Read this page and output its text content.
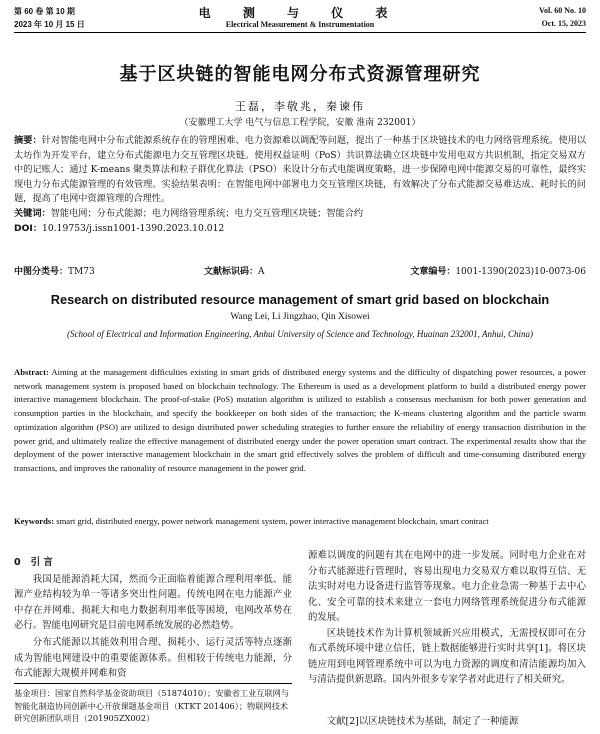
第 60 卷 第 10 期
2023 年 10 月 15 日
电 测 与 仪 表
Electrical Measurement & Instrumentation
Vol. 60 No. 10
Oct. 15, 2023
基于区块链的智能电网分布式资源管理研究
王磊，李敬兆，秦谏伟
（安徽理工大学 电气与信息工程学院，安徽 淮南 232001）
摘要：针对智能电网中分布式能源系统存在的管理困难、电力资源难以调配等问题，提出了一种基于区块链技术的电力网络管理系统。使用以太坊作为开发平台，建立分布式能源电力交互管理区块链。使用权益证明（PoS）共识算法确立区块链中发用电双方共识机制，指定交易双方中的记账人；通过 K-means 聚类算法和粒子群优化算法（PSO）来设计分布式电能调度策略，进一步保障电网中能源交易的可靠性，最终实现电力分布式能源管理的有效管理。实验结果表明：在智能电网中部署电力交互管理区块链，有效解决了分布式能源交易难达成、耗时长的问题，提高了电网中资源管理的合理性。
关键词：智能电网；分布式能源；电力网络管理系统；电力交互管理区块链；智能合约
DOI：10.19753/j.issn1001-1390.2023.10.012
中图分类号：TM73	文献标识码：A	文章编号：1001-1390(2023)10-0073-06
Research on distributed resource management of smart grid based on blockchain
Wang Lei, Li Jingzhao, Qin Xisowei
(School of Electrical and Information Engineering, Anhui University of Science and Technology, Huainan 232001, Anhui, China)
Abstract: Aiming at the management difficulties existing in smart grids of distributed energy systems and the difficulty of dispatching power resources, a power network management system is proposed based on blockchain technology. The Ethereum is used as a development platform to build a distributed energy power interactive management blockchain. The proof-of-stake (PoS) mutation algorithm is utilized to establish a consensus mechanism for both power generation and consumption parties in the blockchain, and specify the bookkeeper on both sides of the transaction; the K-means clustering algorithm and the particle swarm optimization algorithm (PSO) are utilized to design distributed power scheduling strategies to further ensure the reliability of energy transaction distribution in the power grid, and ultimately realize the effective management of distributed energy under the power operation smart contract. The experimental results show that the deployment of the power interactive management blockchain in the smart grid effectively solves the problem of difficult and time-consuming distributed energy transactions, and improves the rationality of resource management in the power grid.
Keywords: smart grid, distributed energy, power network management system, power interactive management blockchain, smart contract
0 引 言

我国是能源消耗大国，然而今正面临着能源合理利用率低、能源产业结构较为单一等诸多突出性问题。传统电网在电力能源产业中存在并网难、损耗大和电力数据利用率低等困境，电网改革势在必行。智能电网研究是目前电网系统发展的必然趋势。

基金项目：国家自然科学基金资助项目（51874010）；安徽省工业互联网与智能化制造协同创新中心开放课题基金项目（KTKT 201406）；物联网技术研究创新团队项目（201905ZX002）

源难以调度的问题有其在电网中的进一步发展。同时电力企业在对分布式能源进行管理时，容易出现电力交易双方难以取得互信、无法实时对电力设备进行监管等现象。电力企业急需一种基于去中心化、安全可靠的技术来建立一套电力网络管理系统促进分布式能源的发展。

区块链技术作为计算机领域新兴应用模式，无需授权即可在分布式系统环境中建立信任，链上数据能够进行实时共享[1]。将区块链应用到电网管理系统中可以为电力资源的调度和清洁能源均加入与清洁提供新思路。国内外很多专家学者对此进行了相关研究。

分布式能源以其能效利用合理、损耗小、运行灵活等特点逐渐成为智能电网建设中的重要能源体系。但相较于传统电力能源，分布式能源大规模并网难和资

文献[2]以区块链技术为基础，制定了一种能源
